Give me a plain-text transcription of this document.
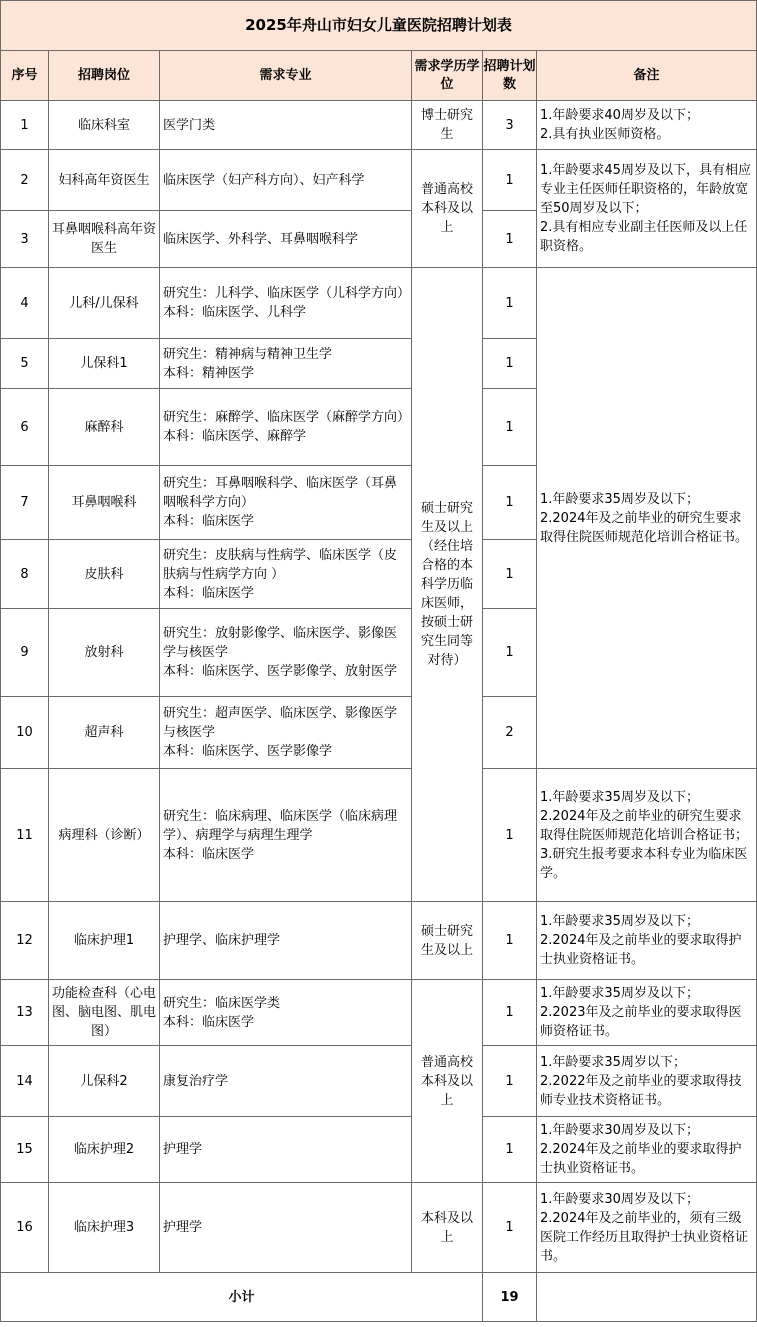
2025年舟山市妇女儿童医院招聘计划表					
序号	招聘岗位	需求专业	需求学历学位	招聘计划数	备注
1	临床科室	医学门类	博士研究生	3	1.年龄要求40周岁及以下；
2.具有执业医师资格。

2	妇科高年资医生	临床医学（妇产科方向）、妇产科学	普通高校本科及以上	1	1.年龄要求45周岁及以下，具有相应专业主任医师任职资格的，年龄放宽至50周岁及以下；
2.具有相应专业副主任医师及以上任职资格。

3	耳鼻咽喉科高年资医生	临床医学、外科学、耳鼻咽喉科学		1	
4	儿科/儿保科	研究生：儿科学、临床医学（儿科学方向）
本科：临床医学、儿科学	硕士研究生及以上（经住培合格的本科学历临床医师，按硕士研究生同等对待）	1	1.年龄要求35周岁及以下；
2.2024年及之前毕业的研究生要求取得住院医师规范化培训合格证书。

5	儿保科1	研究生：精神病与精神卫生学
本科：精神医学		1	
6	麻醉科	研究生：麻醉学、临床医学（麻醉学方向）
本科：临床医学、麻醉学		1	
7	耳鼻咽喉科	研究生：耳鼻咽喉科学、临床医学（耳鼻咽喉科学方向）
本科：临床医学		1	
8	皮肤科	研究生：皮肤病与性病学、临床医学（皮肤病与性病学方向 ）
本科：临床医学		1	
9	放射科	研究生：放射影像学、临床医学、影像医学与核医学
本科：临床医学、医学影像学、放射医学		1	
10	超声科	研究生：超声医学、临床医学、影像医学与核医学
本科：临床医学、医学影像学		2	
11	病理科（诊断）	研究生：临床病理、临床医学（临床病理学）、病理学与病理生理学
本科：临床医学		1	1.年龄要求35周岁及以下；
2.2024年及之前毕业的研究生要求取得住院医师规范化培训合格证书；
3.研究生报考要求本科专业为临床医学。

12	临床护理1	护理学、临床护理学	硕士研究生及以上	1	1.年龄要求35周岁及以下；
2.2024年及之前毕业的要求取得护士执业资格证书。

13	功能检查科（心电图、脑电图、肌电图）	研究生：临床医学类
本科：临床医学	普通高校本科及以上	1	1.年龄要求35周岁及以下；
2.2023年及之前毕业的要求取得医师资格证书。

14	儿保科2	康复治疗学		1	1.年龄要求35周岁以下；
2.2022年及之前毕业的要求取得技师专业技术资格证书。

15	临床护理2	护理学		1	1.年龄要求30周岁及以下；
2.2024年及之前毕业的要求取得护士执业资格证书。

16	临床护理3	护理学	本科及以上	1	1.年龄要求30周岁及以下；
2.2024年及之前毕业的，须有三级医院工作经历且取得护士执业资格证书。

小计				19	
